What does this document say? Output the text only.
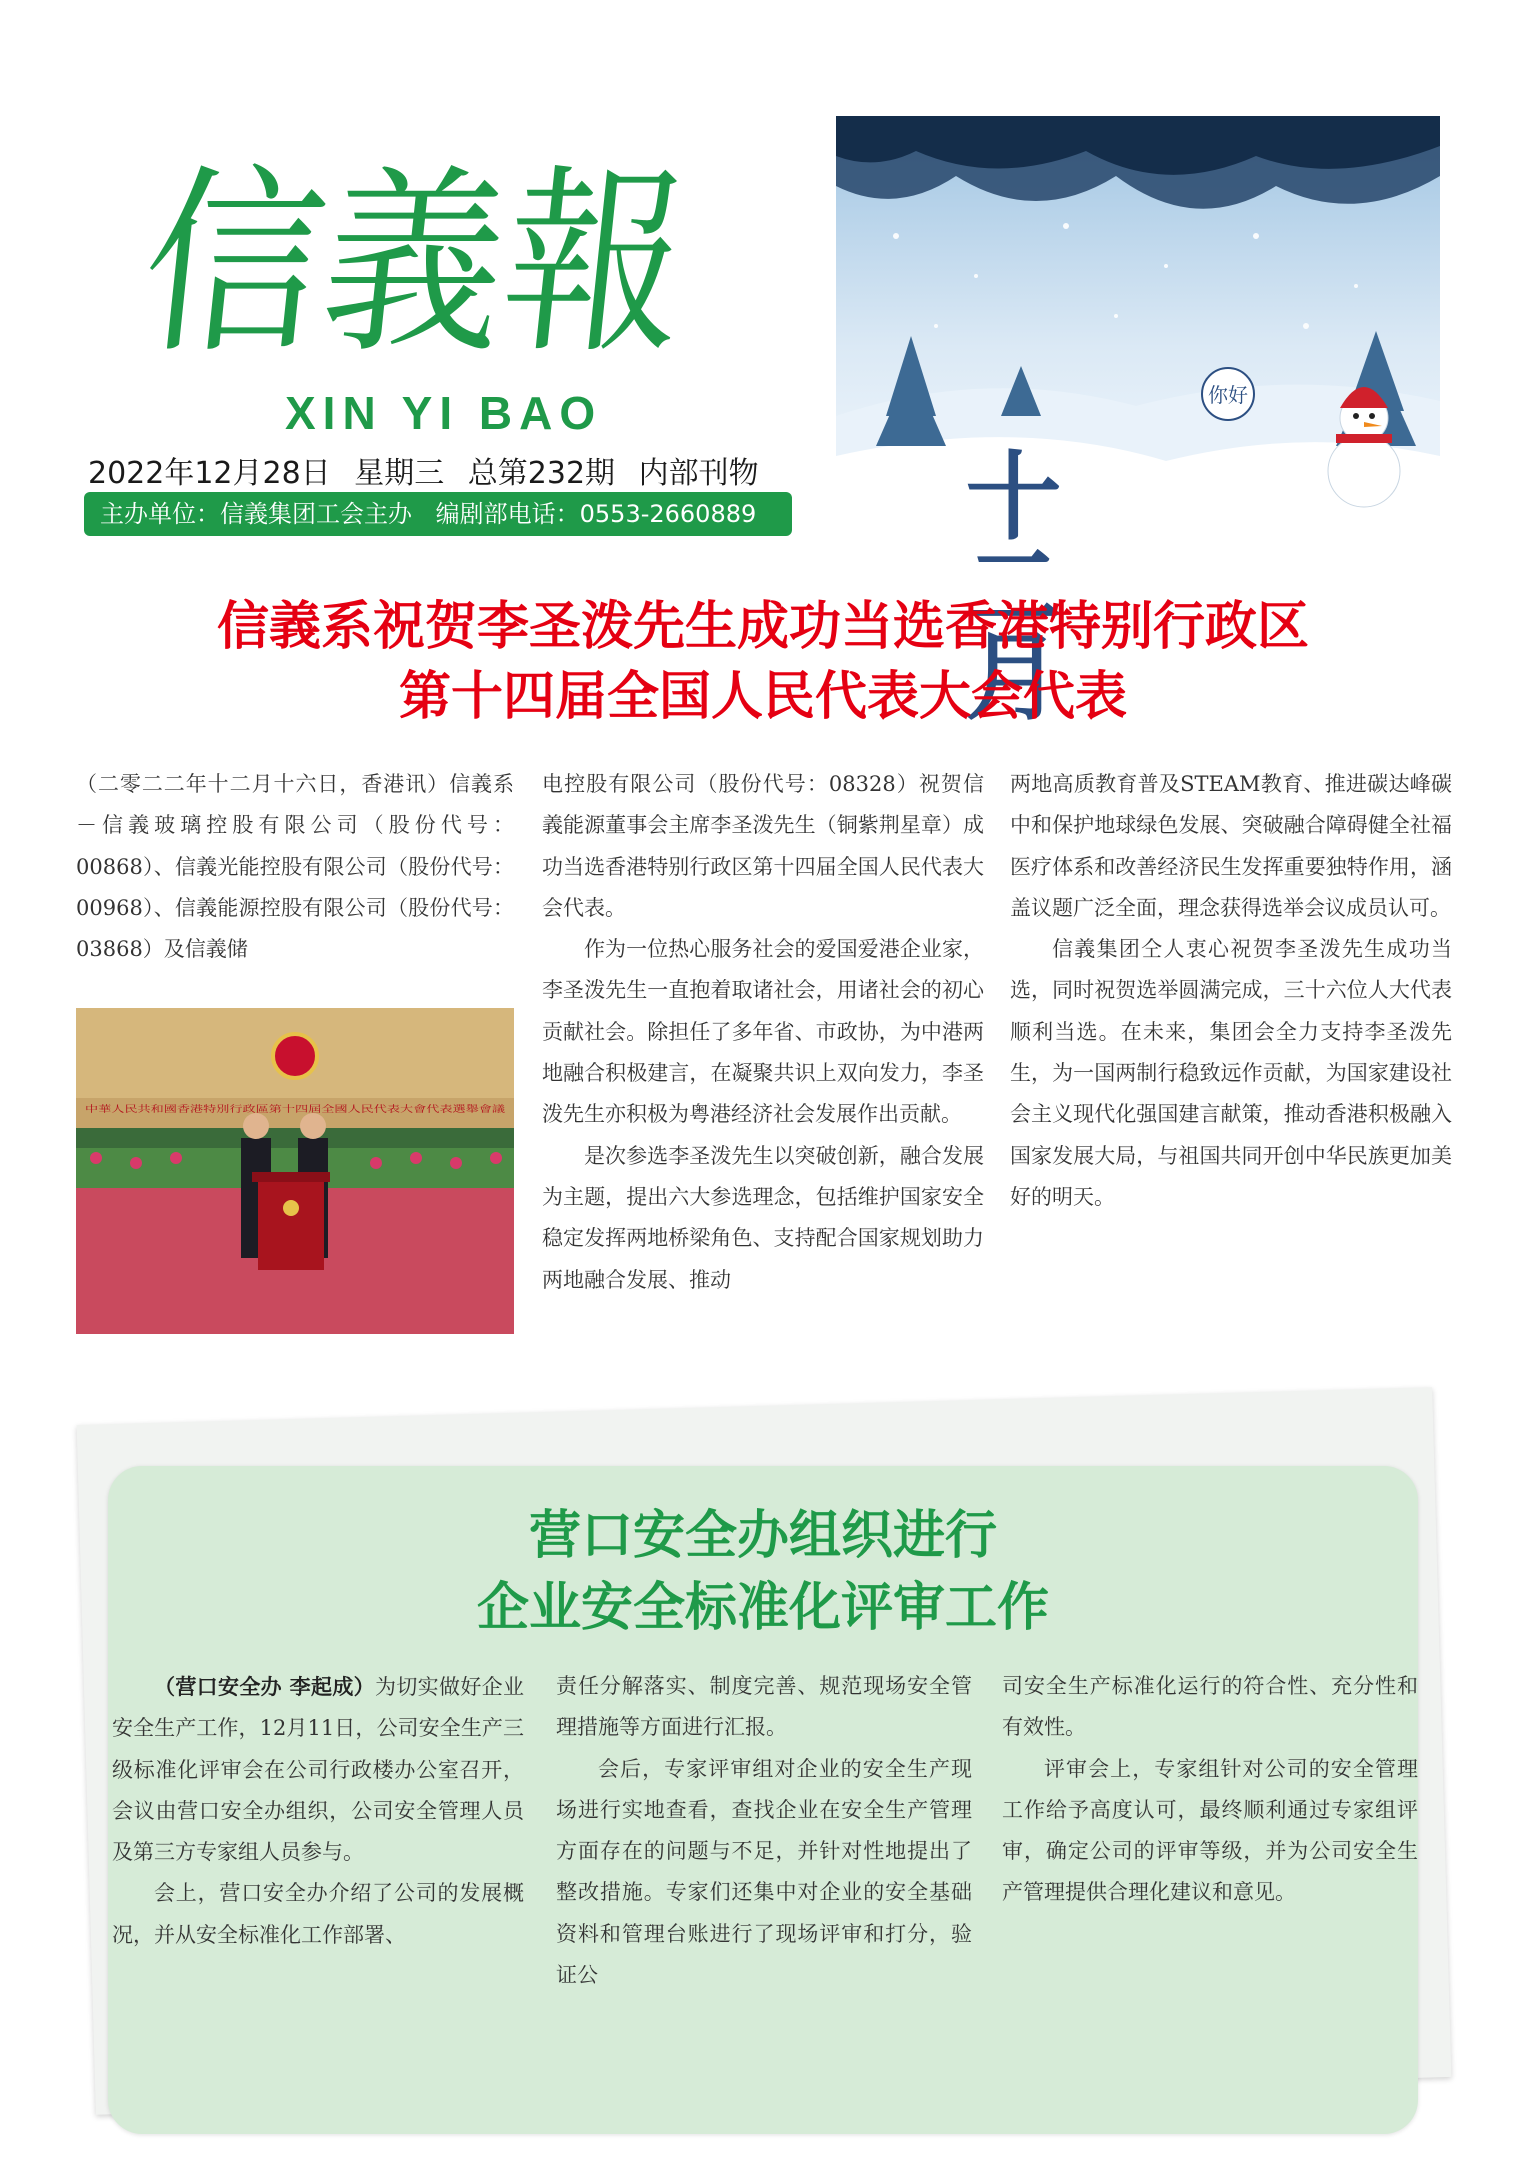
信義報
XIN YI BAO
2022年12月28日 星期三 总第232期 内部刊物
主办单位：信義集团工会主办 编剧部电话：0553-2660889	十二月
你好
信義系祝贺李圣泼先生成功当选香港特别行政区
第十四届全国人民代表大会代表

（二零二二年十二月十六日，香港讯）信義系－信義玻璃控股有限公司（股份代号：00868）、信義光能控股有限公司（股份代号：00968）、信義能源控股有限公司（股份代号：03868）及信義储

中華人民共和國香港特別行政區第十四屆全國人民代表大會代表選舉會議

电控股有限公司（股份代号：08328）祝贺信義能源董事会主席李圣泼先生（铜紫荆星章）成功当选香港特别行政区第十四届全国人民代表大会代表。

作为一位热心服务社会的爱国爱港企业家，李圣泼先生一直抱着取诸社会，用诸社会的初心贡献社会。除担任了多年省、市政协，为中港两地融合积极建言，在凝聚共识上双向发力，李圣泼先生亦积极为粤港经济社会发展作出贡献。

是次参选李圣泼先生以突破创新，融合发展为主题，提出六大参选理念，包括维护国家安全稳定发挥两地桥梁角色、支持配合国家规划助力两地融合发展、推动

两地高质教育普及STEAM教育、推进碳达峰碳中和保护地球绿色发展、突破融合障碍健全社福医疗体系和改善经济民生发挥重要独特作用，涵盖议题广泛全面，理念获得选举会议成员认可。

信義集团仝人衷心祝贺李圣泼先生成功当选，同时祝贺选举圆满完成，三十六位人大代表顺利当选。在未来，集团会全力支持李圣泼先生，为一国两制行稳致远作贡献，为国家建设社会主义现代化强国建言献策，推动香港积极融入国家发展大局，与祖国共同开创中华民族更加美好的明天。

营口安全办组织进行
企业安全标准化评审工作

（营口安全办 李起成）为切实做好企业安全生产工作，12月11日，公司安全生产三级标准化评审会在公司行政楼办公室召开，会议由营口安全办组织，公司安全管理人员及第三方专家组人员参与。

会上，营口安全办介绍了公司的发展概况，并从安全标准化工作部署、

责任分解落实、制度完善、规范现场安全管理措施等方面进行汇报。

会后，专家评审组对企业的安全生产现场进行实地查看，查找企业在安全生产管理方面存在的问题与不足，并针对性地提出了整改措施。专家们还集中对企业的安全基础资料和管理台账进行了现场评审和打分，验证公

司安全生产标准化运行的符合性、充分性和有效性。

评审会上，专家组针对公司的安全管理工作给予高度认可，最终顺利通过专家组评审，确定公司的评审等级，并为公司安全生产管理提供合理化建议和意见。
